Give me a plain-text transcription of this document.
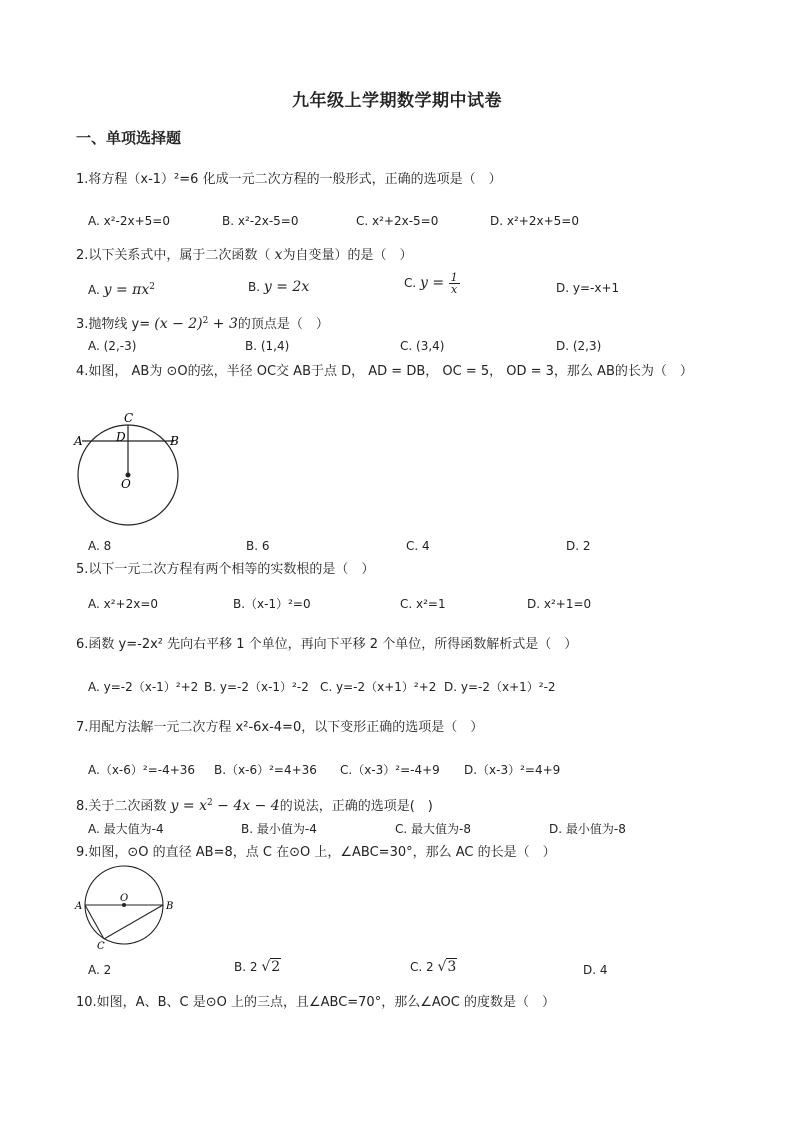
九年级上学期数学期中试卷
一、单项选择题
1.将方程（x-1）²=6 化成一元二次方程的一般形式，正确的选项是（　）
A. x²-2x+5=0	B. x²-2x-5=0	C. x²+2x-5=0	D. x²+2x+5=0
2.以下关系式中，属于二次函数（ x为自变量）的是（　）
A. $y = \pi x^2$	B. y = 2x	C. $y = \frac{1}{x}$	D. y=-x+1
3.抛物线 $y= (x - 2)^2 + 3$的顶点是（　）
A. (2,-3)	B. (1,4)	C. (3,4)	D. (2,3)
4.如图， AB为 ⊙O的弦，半径 OC交 AB于点 D， AD = DB， OC = 5， OD = 3，那么 AB的长为（　）
C
A	D	B
O
A. 8	B. 6	C. 4	D. 2
5.以下一元二次方程有两个相等的实数根的是（　）
A. x²+2x=0	B.（x-1）²=0	C. x²=1	D. x²+1=0
6.函数 y=-2x² 先向右平移 1 个单位，再向下平移 2 个单位，所得函数解析式是（　）
A. y=-2（x-1）²+2 B. y=-2（x-1）²-2 C. y=-2（x+1）²+2 D. y=-2（x+1）²-2
7.用配方法解一元二次方程 x²-6x-4=0，以下变形正确的选项是（　）
A.（x-6）²=-4+36 B.（x-6）²=4+36 C.（x-3）²=-4+9 D.（x-3）²=4+9
8.关于二次函数 $y = x^2 - 4x - 4$的说法，正确的选项是(　)
A. 最大值为-4	B. 最小值为-4	C. 最大值为-8	D. 最小值为-8
9.如图，⊙O 的直径 AB=8，点 C 在⊙O 上，∠ABC=30°，那么 AC 的长是（　）
O
A	B
C
A. 2	B. 2 √2	C. 2 √3	D. 4
10.如图，A、B、C 是⊙O 上的三点，且∠ABC=70°，那么∠AOC 的度数是（　）
